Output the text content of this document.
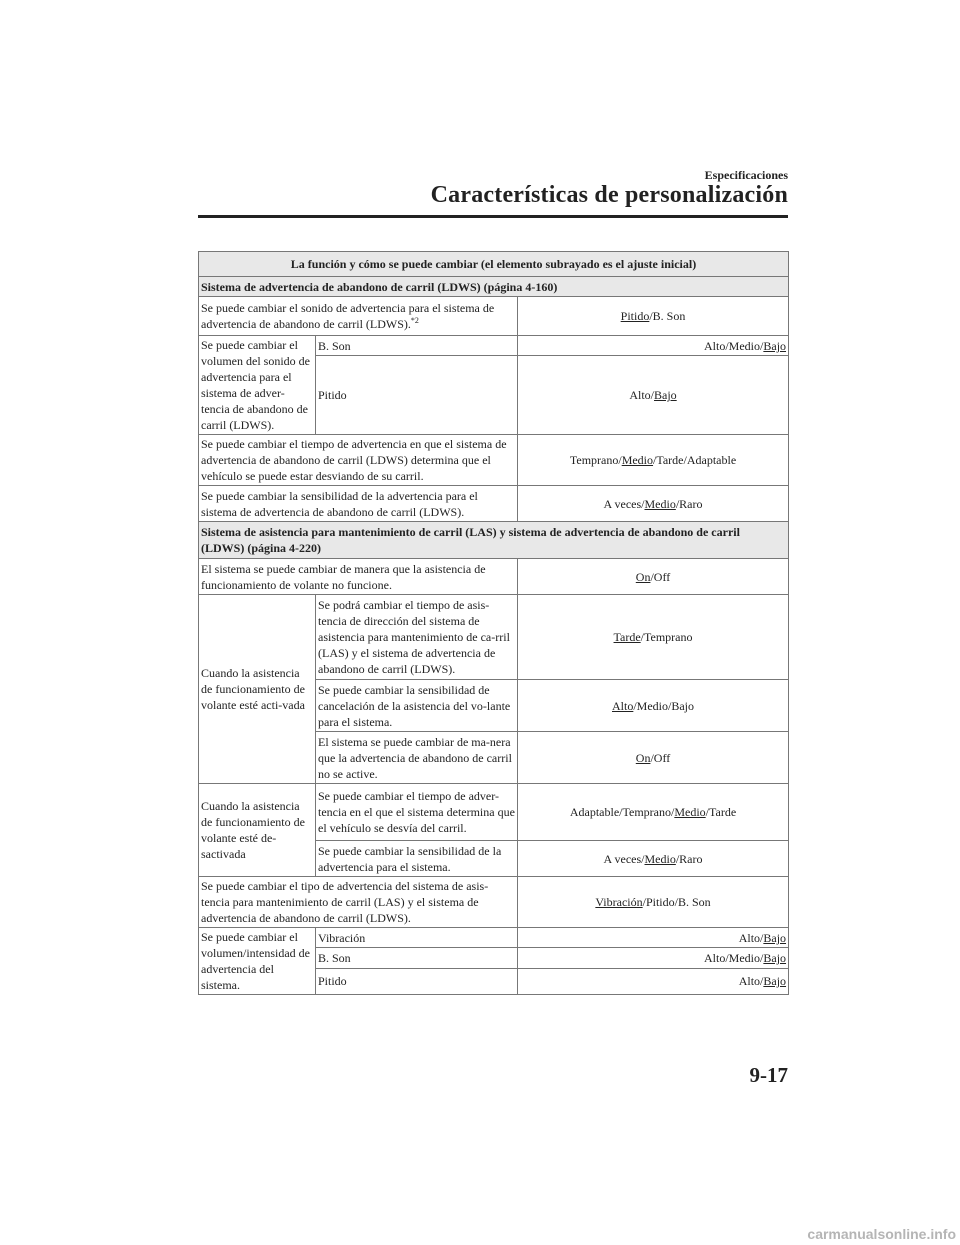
Especificaciones
Características de personalización
La función y cómo se puede cambiar (el elemento subrayado es el ajuste inicial)		
Sistema de advertencia de abandono de carril (LDWS) (página 4-160)		
Se puede cambiar el sonido de advertencia para el sistema de advertencia de abandono de carril (LDWS).$^{*2}$		Pitido/B. Son
Se puede cambiar el volumen del sonido de advertencia para el sistema de adver-tencia de abandono de carril (LDWS).	B. Son	Alto/Medio/Bajo
	Pitido	Alto/Bajo
Se puede cambiar el tiempo de advertencia en que el sistema de advertencia de abandono de carril (LDWS) determina que el vehículo se puede estar desviando de su carril.		Temprano/Medio/Tarde/Adaptable
Se puede cambiar la sensibilidad de la advertencia para el sistema de advertencia de abandono de carril (LDWS).		A veces/Medio/Raro
Sistema de asistencia para mantenimiento de carril (LAS) y sistema de advertencia de abandono de carril (LDWS) (página 4-220)		
El sistema se puede cambiar de manera que la asistencia de funcionamiento de volante no funcione.		On/Off
Cuando la asistencia de funcionamiento de volante esté acti-vada	Se podrá cambiar el tiempo de asis-tencia de dirección del sistema de asistencia para mantenimiento de ca-rril (LAS) y el sistema de advertencia de abandono de carril (LDWS).	Tarde/Temprano
	Se puede cambiar la sensibilidad de cancelación de la asistencia del vo-lante para el sistema.	Alto/Medio/Bajo
	El sistema se puede cambiar de ma-nera que la advertencia de abandono de carril no se active.	On/Off
Cuando la asistencia de funcionamiento de volante esté de-sactivada	Se puede cambiar el tiempo de adver-tencia en el que el sistema determina que el vehículo se desvía del carril.	Adaptable/Temprano/Medio/Tarde
	Se puede cambiar la sensibilidad de la advertencia para el sistema.	A veces/Medio/Raro
Se puede cambiar el tipo de advertencia del sistema de asis-tencia para mantenimiento de carril (LAS) y el sistema de advertencia de abandono de carril (LDWS).		Vibración/Pitido/B. Son
Se puede cambiar el volumen/intensidad de advertencia del sistema.	Vibración	Alto/Bajo
	B. Son	Alto/Medio/Bajo
	Pitido	Alto/Bajo
9-17
carmanualsonline.info
